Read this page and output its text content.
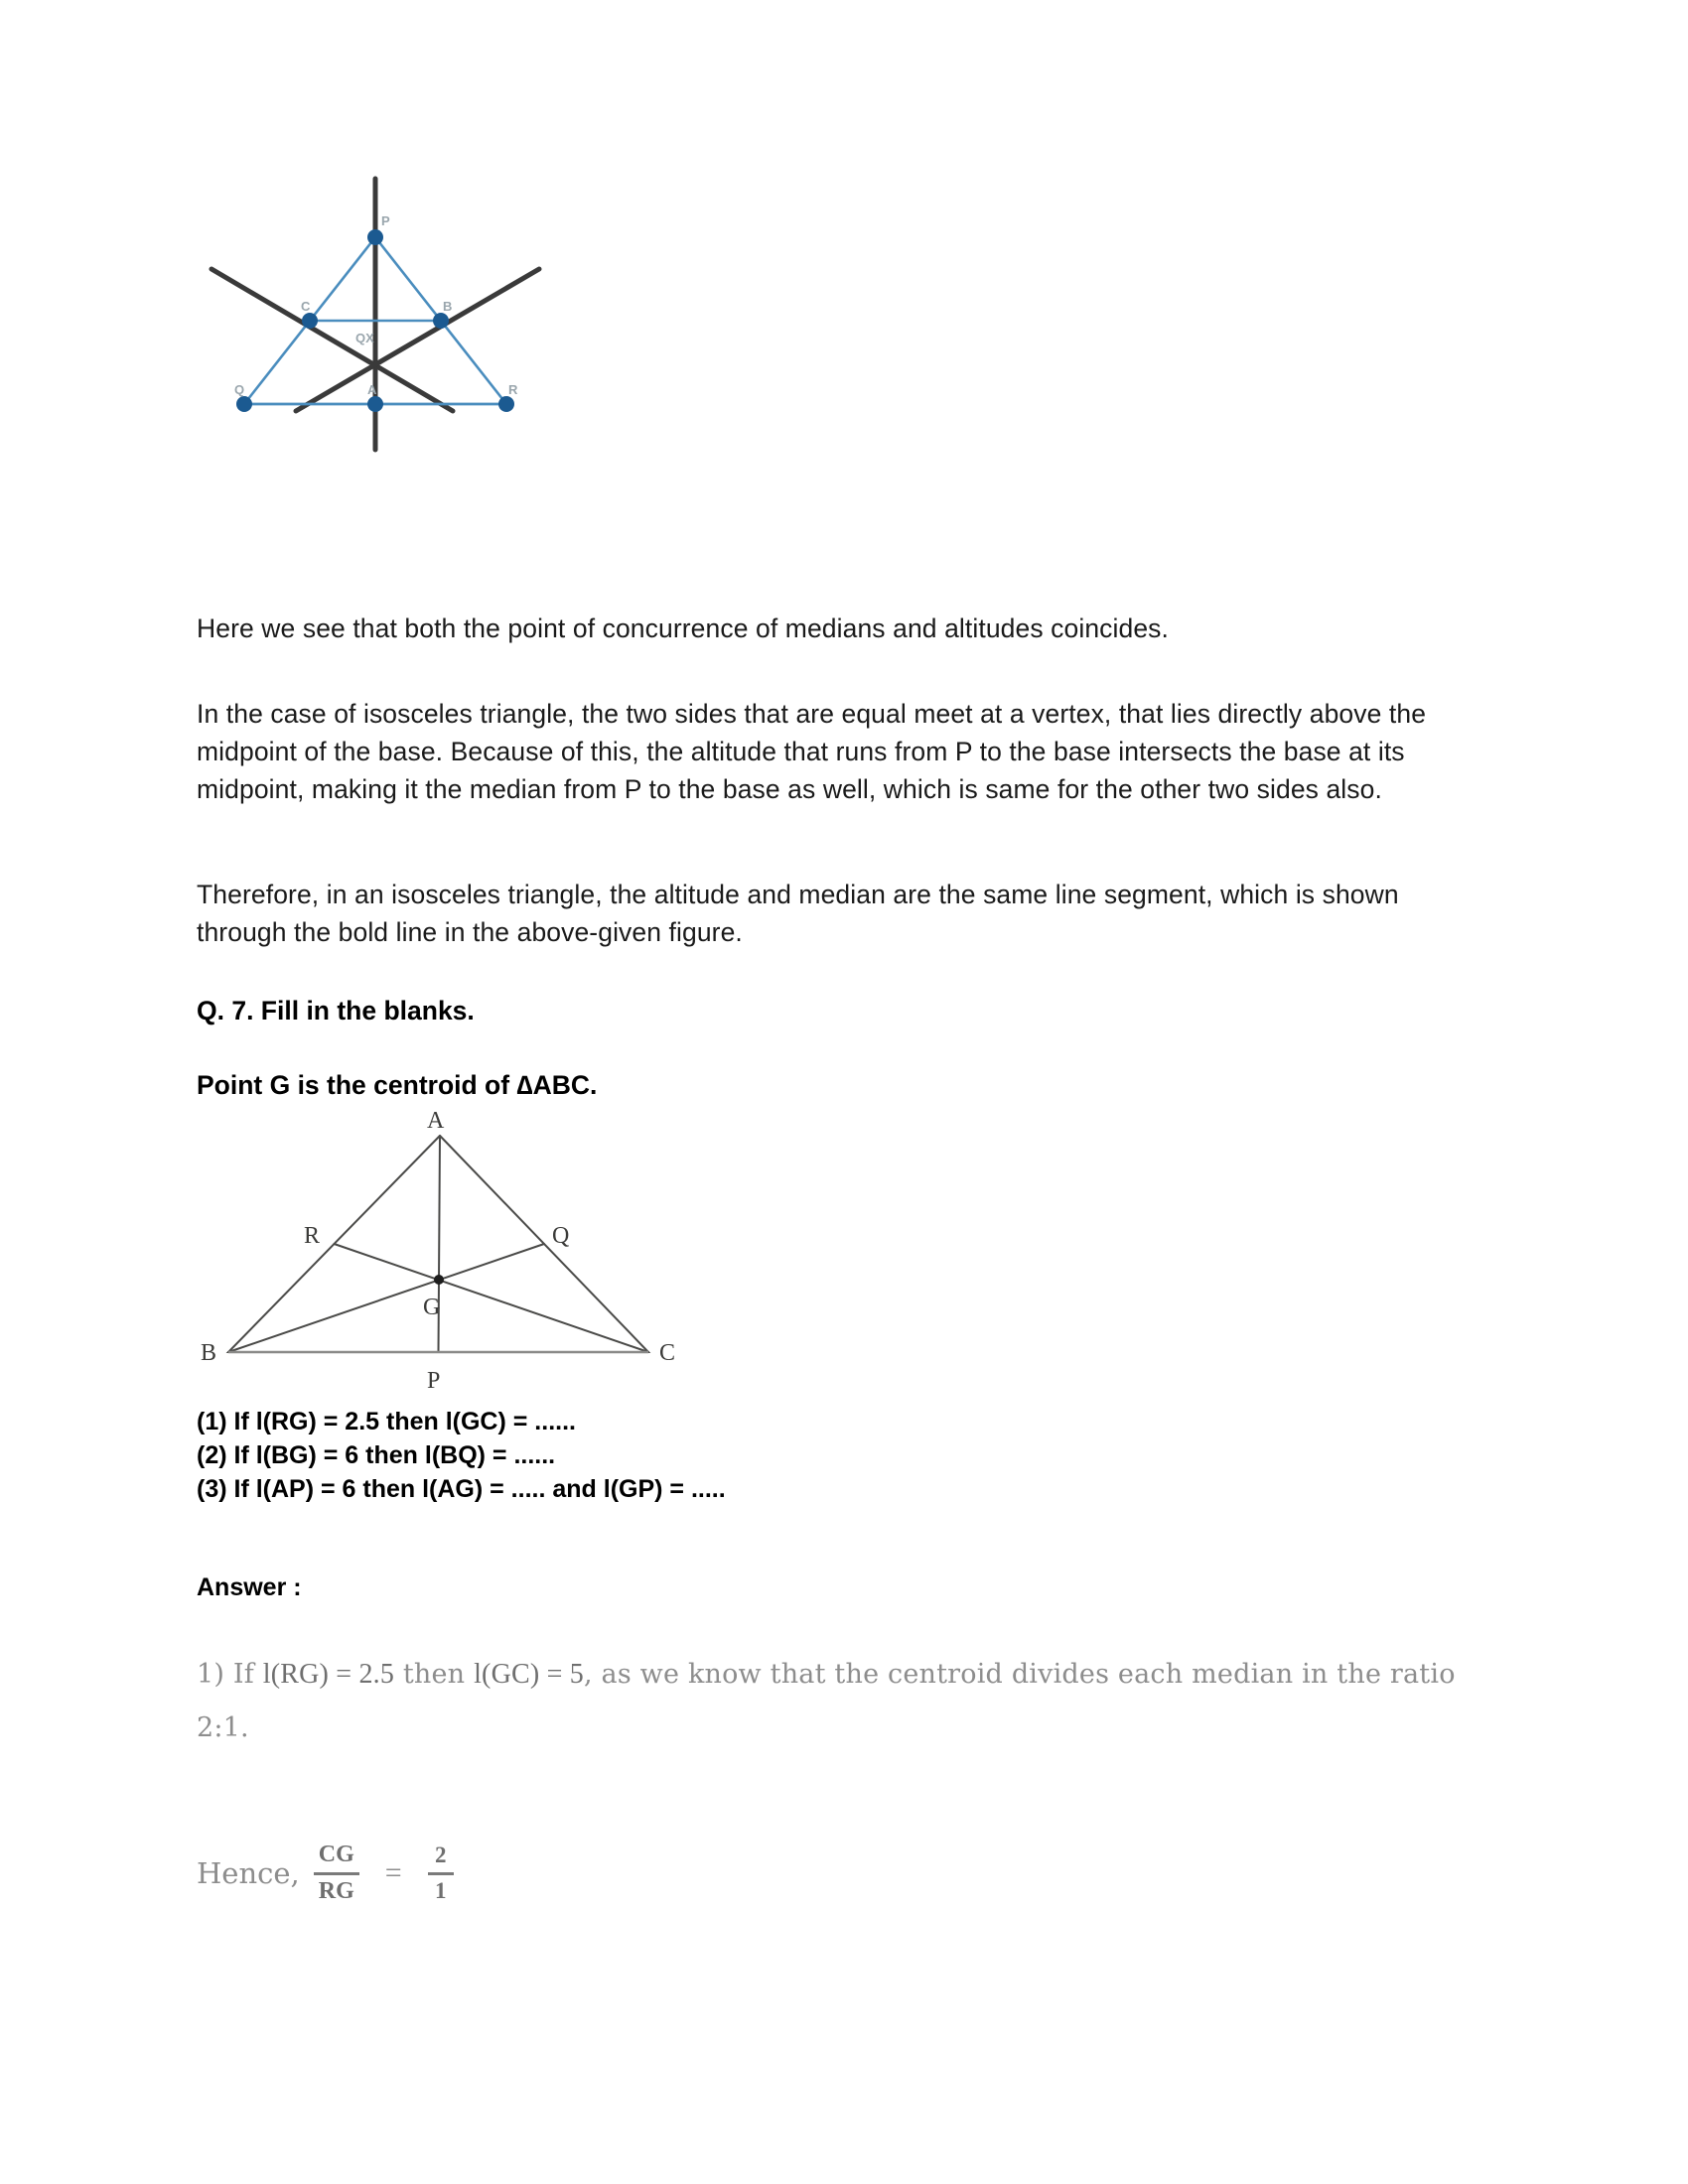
P
C	B
Q	A	R
QX
Here we see that both the point of concurrence of medians and altitudes coincides.
In the case of isosceles triangle, the two sides that are equal meet at a vertex, that lies directly above the midpoint of the base. Because of this, the altitude that runs from P to the base intersects the base at its midpoint, making it the median from P to the base as well, which is same for the other two sides also.
Therefore, in an isosceles triangle, the altitude and median are the same line segment, which is shown through the bold line in the above-given figure.
Q. 7. Fill in the blanks.
Point G is the centroid of ∆ABC.
A
R	Q
G
B
P
C
(1) If l(RG) = 2.5 then l(GC) = ......
(2) If l(BG) = 6 then l(BQ) = ......
(3) If l(AP) = 6 then l(AG) = ..... and l(GP) = .....
Answer :
1) If l(RG) = 2.5 then l(GC) = 5, as we know that the centroid divides each median in the ratio 2:1.
Hence, $\frac{CG}{RG} = \frac{2}{1}$
